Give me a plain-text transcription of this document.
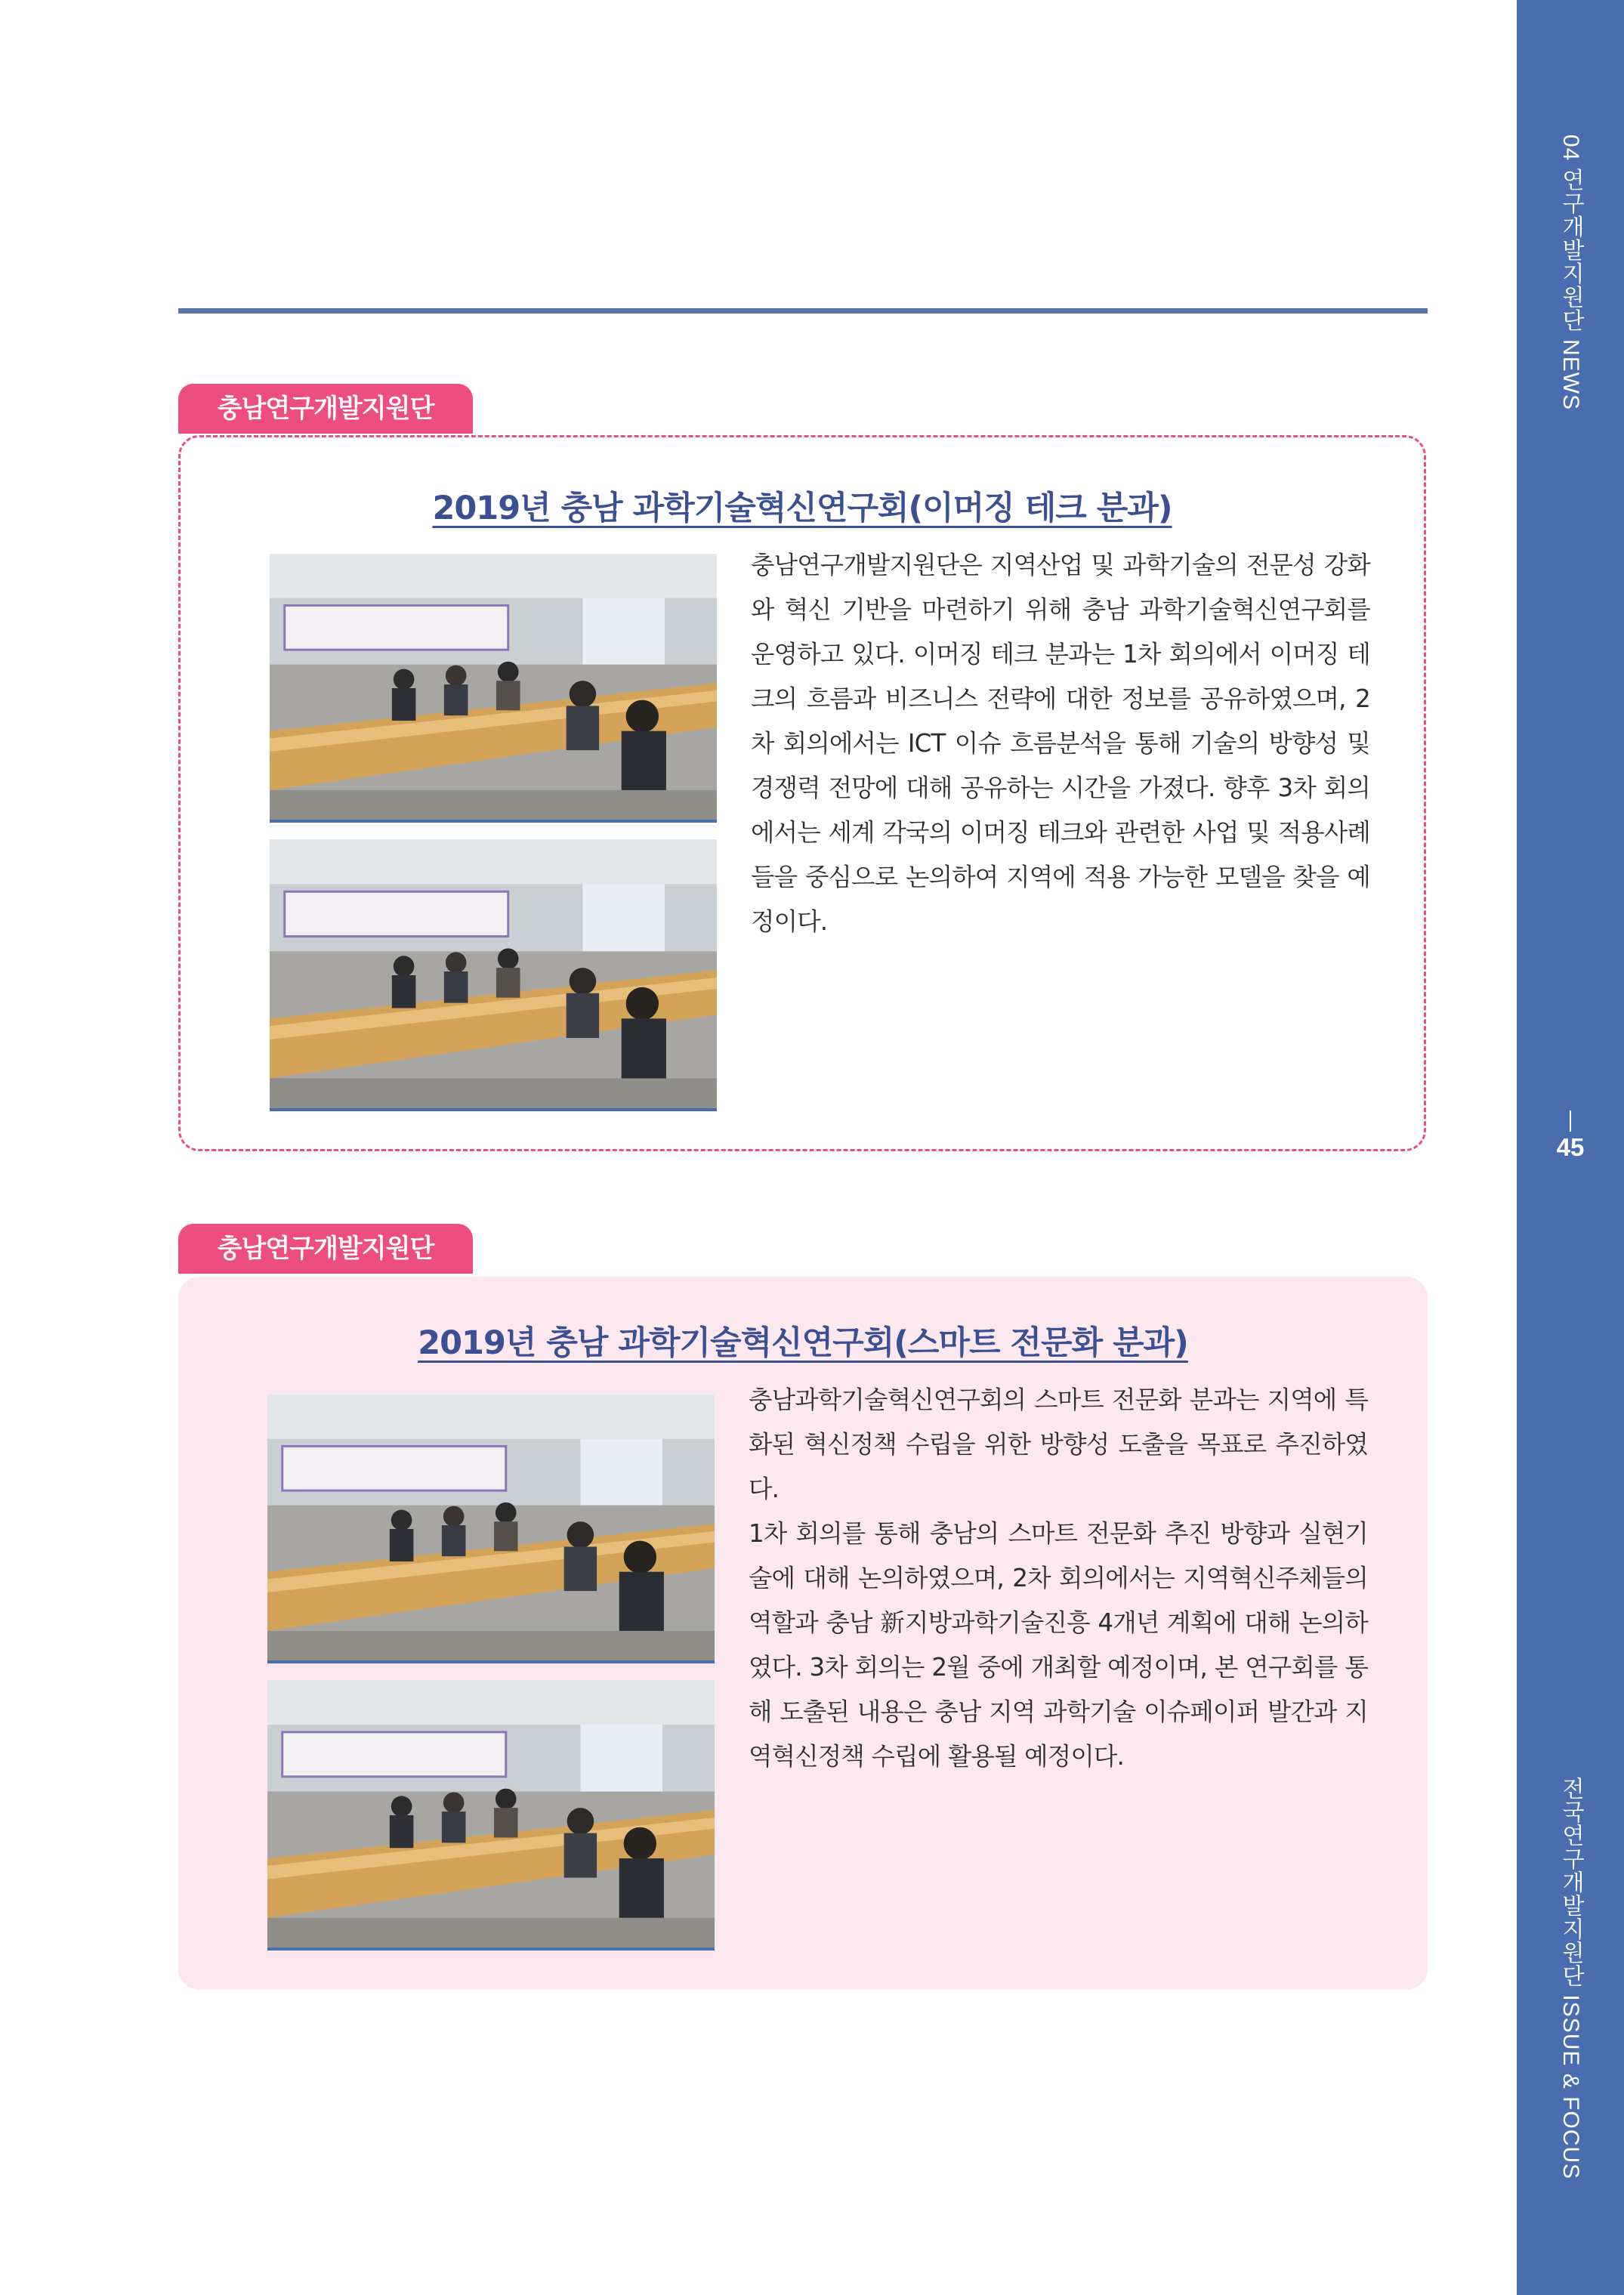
04 연구개발지원단 NEWS
45
전국연구개발지원단 ISSUE & FOCUS
충남연구개발지원단
2019년 충남 과학기술혁신연구회(이머징 테크 분과)

충남연구개발지원단은 지역산업 및 과학기술의 전문성 강화와 혁신 기반을 마련하기 위해 충남 과학기술혁신연구회를 운영하고 있다. 이머징 테크 분과는 1차 회의에서 이머징 테크의 흐름과 비즈니스 전략에 대한 정보를 공유하였으며, 2차 회의에서는 ICT 이슈 흐름분석을 통해 기술의 방향성 및 경쟁력 전망에 대해 공유하는 시간을 가졌다. 향후 3차 회의에서는 세계 각국의 이머징 테크와 관련한 사업 및 적용사례들을 중심으로 논의하여 지역에 적용 가능한 모델을 찾을 예정이다.

충남연구개발지원단
2019년 충남 과학기술혁신연구회(스마트 전문화 분과)

충남과학기술혁신연구회의 스마트 전문화 분과는 지역에 특화된 혁신정책 수립을 위한 방향성 도출을 목표로 추진하였다.

1차 회의를 통해 충남의 스마트 전문화 추진 방향과 실현기술에 대해 논의하였으며, 2차 회의에서는 지역혁신주체들의 역할과 충남 新지방과학기술진흥 4개년 계획에 대해 논의하였다. 3차 회의는 2월 중에 개최할 예정이며, 본 연구회를 통해 도출된 내용은 충남 지역 과학기술 이슈페이퍼 발간과 지역혁신정책 수립에 활용될 예정이다.
